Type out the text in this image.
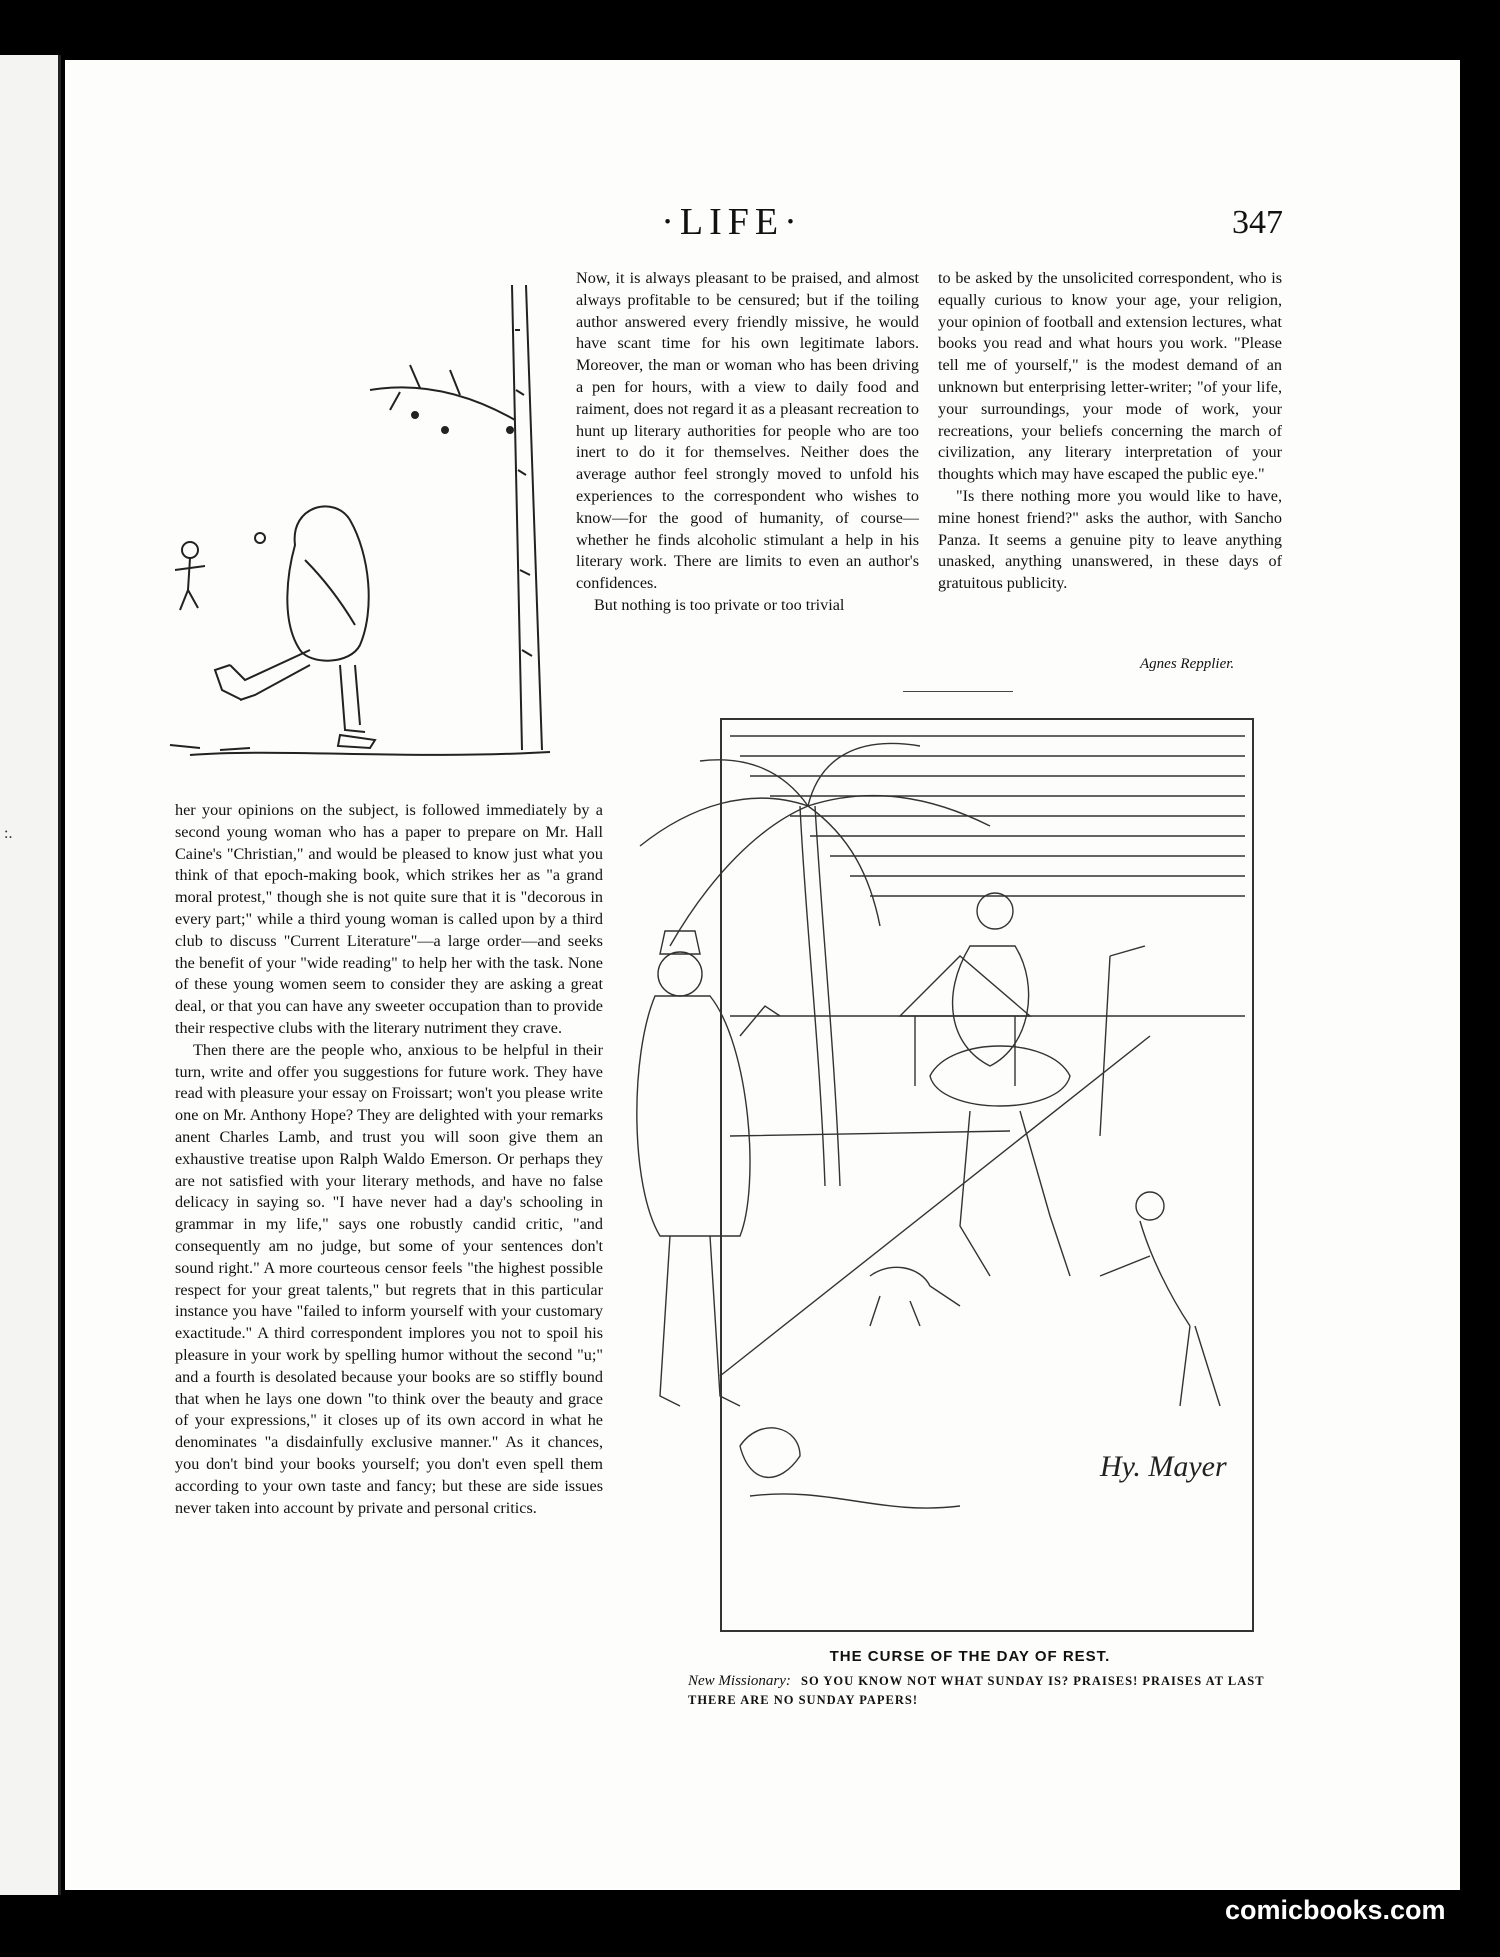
:.
·LIFE·	347

Now, it is always pleasant to be praised, and almost always profitable to be censured; but if the toiling author answered every friendly missive, he would have scant time for his own legitimate labors. Moreover, the man or woman who has been driving a pen for hours, with a view to daily food and raiment, does not regard it as a pleasant recreation to hunt up literary authorities for people who are too inert to do it for themselves. Neither does the average author feel strongly moved to unfold his experiences to the correspondent who wishes to know—for the good of humanity, of course—whether he finds alcoholic stimulant a help in his literary work. There are limits to even an author's confidences.

But nothing is too private or too trivial

to be asked by the unsolicited correspondent, who is equally curious to know your age, your religion, your opinion of football and extension lectures, what books you read and what hours you work. "Please tell me of yourself," is the modest demand of an unknown but enterprising letter-writer; "of your life, your surroundings, your mode of work, your recreations, your beliefs concerning the march of civilization, any literary interpretation of your thoughts which may have escaped the public eye."

"Is there nothing more you would like to have, mine honest friend?" asks the author, with Sancho Panza. It seems a genuine pity to leave anything unasked, anything unanswered, in these days of gratuitous publicity.

Agnes Repplier.

her your opinions on the subject, is followed immediately by a second young woman who has a paper to prepare on Mr. Hall Caine's "Christian," and would be pleased to know just what you think of that epoch-making book, which strikes her as "a grand moral protest," though she is not quite sure that it is "decorous in every part;" while a third young woman is called upon by a third club to discuss "Current Literature"—a large order—and seeks the benefit of your "wide reading" to help her with the task. None of these young women seem to consider they are asking a great deal, or that you can have any sweeter occupation than to provide their respective clubs with the literary nutriment they crave.

Then there are the people who, anxious to be helpful in their turn, write and offer you suggestions for future work. They have read with pleasure your essay on Froissart; won't you please write one on Mr. Anthony Hope? They are delighted with your remarks anent Charles Lamb, and trust you will soon give them an exhaustive treatise upon Ralph Waldo Emerson. Or perhaps they are not satisfied with your literary methods, and have no false delicacy in saying so. "I have never had a day's schooling in grammar in my life," says one robustly candid critic, "and consequently am no judge, but some of your sentences don't sound right." A more courteous censor feels "the highest possible respect for your great talents," but regrets that in this particular instance you have "failed to inform yourself with your customary exactitude." A third correspondent implores you not to spoil his pleasure in your work by spelling humor without the second "u;" and a fourth is desolated because your books are so stiffly bound that when he lays one down "to think over the beauty and grace of your expressions," it closes up of its own accord in what he denominates "a disdainfully exclusive manner." As it chances, you don't bind your books yourself; you don't even spell them according to your own taste and fancy; but these are side issues never taken into account by private and personal critics.

Hy. Mayer
THE CURSE OF THE DAY OF REST.
New Missionary: SO YOU KNOW NOT WHAT SUNDAY IS? PRAISES! PRAISES AT LAST THERE ARE NO SUNDAY PAPERS!
comicbooks.com
